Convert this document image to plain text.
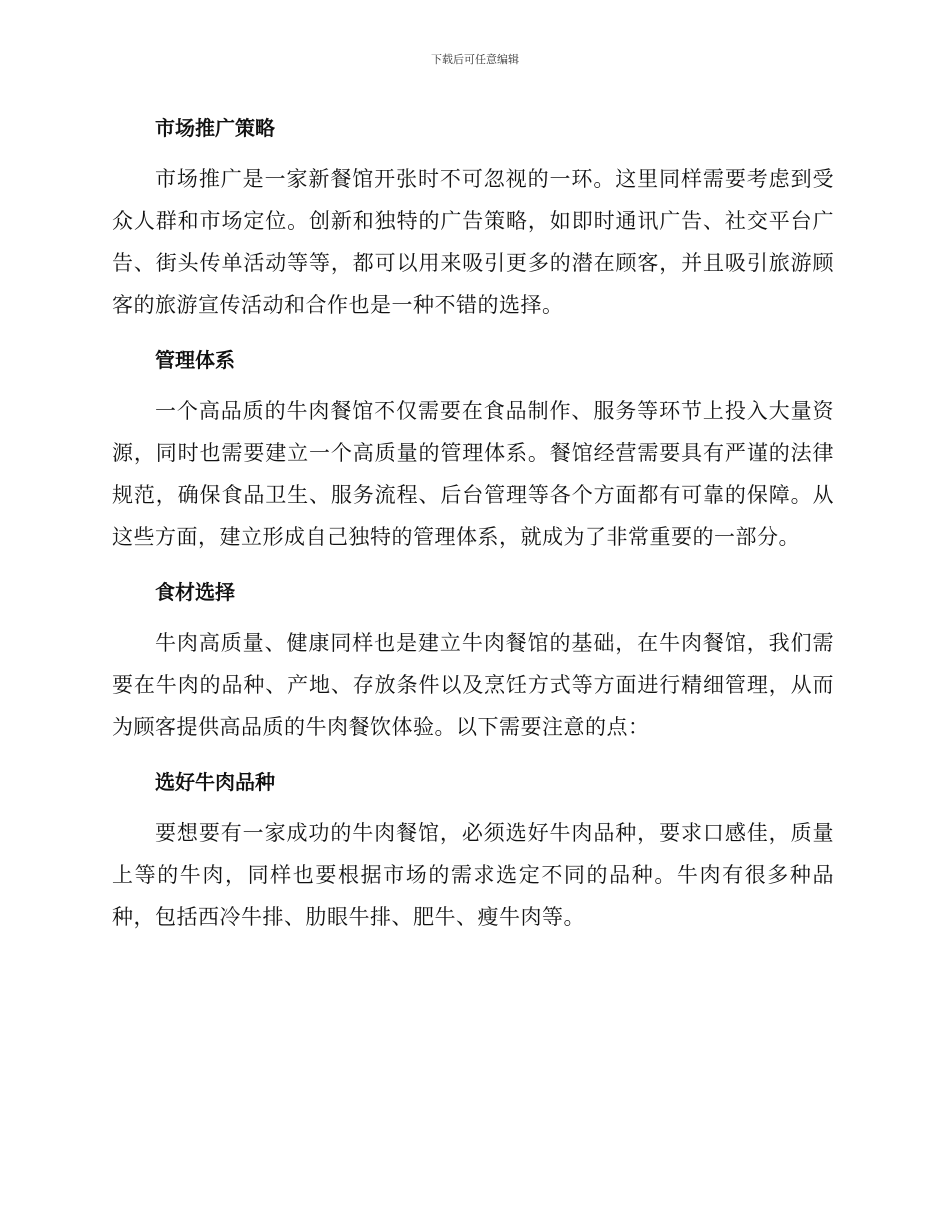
下载后可任意编辑
市场推广策略

市场推广是一家新餐馆开张时不可忽视的一环。这里同样需要考虑到受众人群和市场定位。创新和独特的广告策略，如即时通讯广告、社交平台广告、街头传单活动等等，都可以用来吸引更多的潜在顾客，并且吸引旅游顾客的旅游宣传活动和合作也是一种不错的选择。

管理体系

一个高品质的牛肉餐馆不仅需要在食品制作、服务等环节上投入大量资源，同时也需要建立一个高质量的管理体系。餐馆经营需要具有严谨的法律规范，确保食品卫生、服务流程、后台管理等各个方面都有可靠的保障。从这些方面，建立形成自己独特的管理体系，就成为了非常重要的一部分。

食材选择

牛肉高质量、健康同样也是建立牛肉餐馆的基础，在牛肉餐馆，我们需要在牛肉的品种、产地、存放条件以及烹饪方式等方面进行精细管理，从而为顾客提供高品质的牛肉餐饮体验。以下需要注意的点：

选好牛肉品种

要想要有一家成功的牛肉餐馆，必须选好牛肉品种，要求口感佳，质量上等的牛肉，同样也要根据市场的需求选定不同的品种。牛肉有很多种品种，包括西冷牛排、肋眼牛排、肥牛、瘦牛肉等。
